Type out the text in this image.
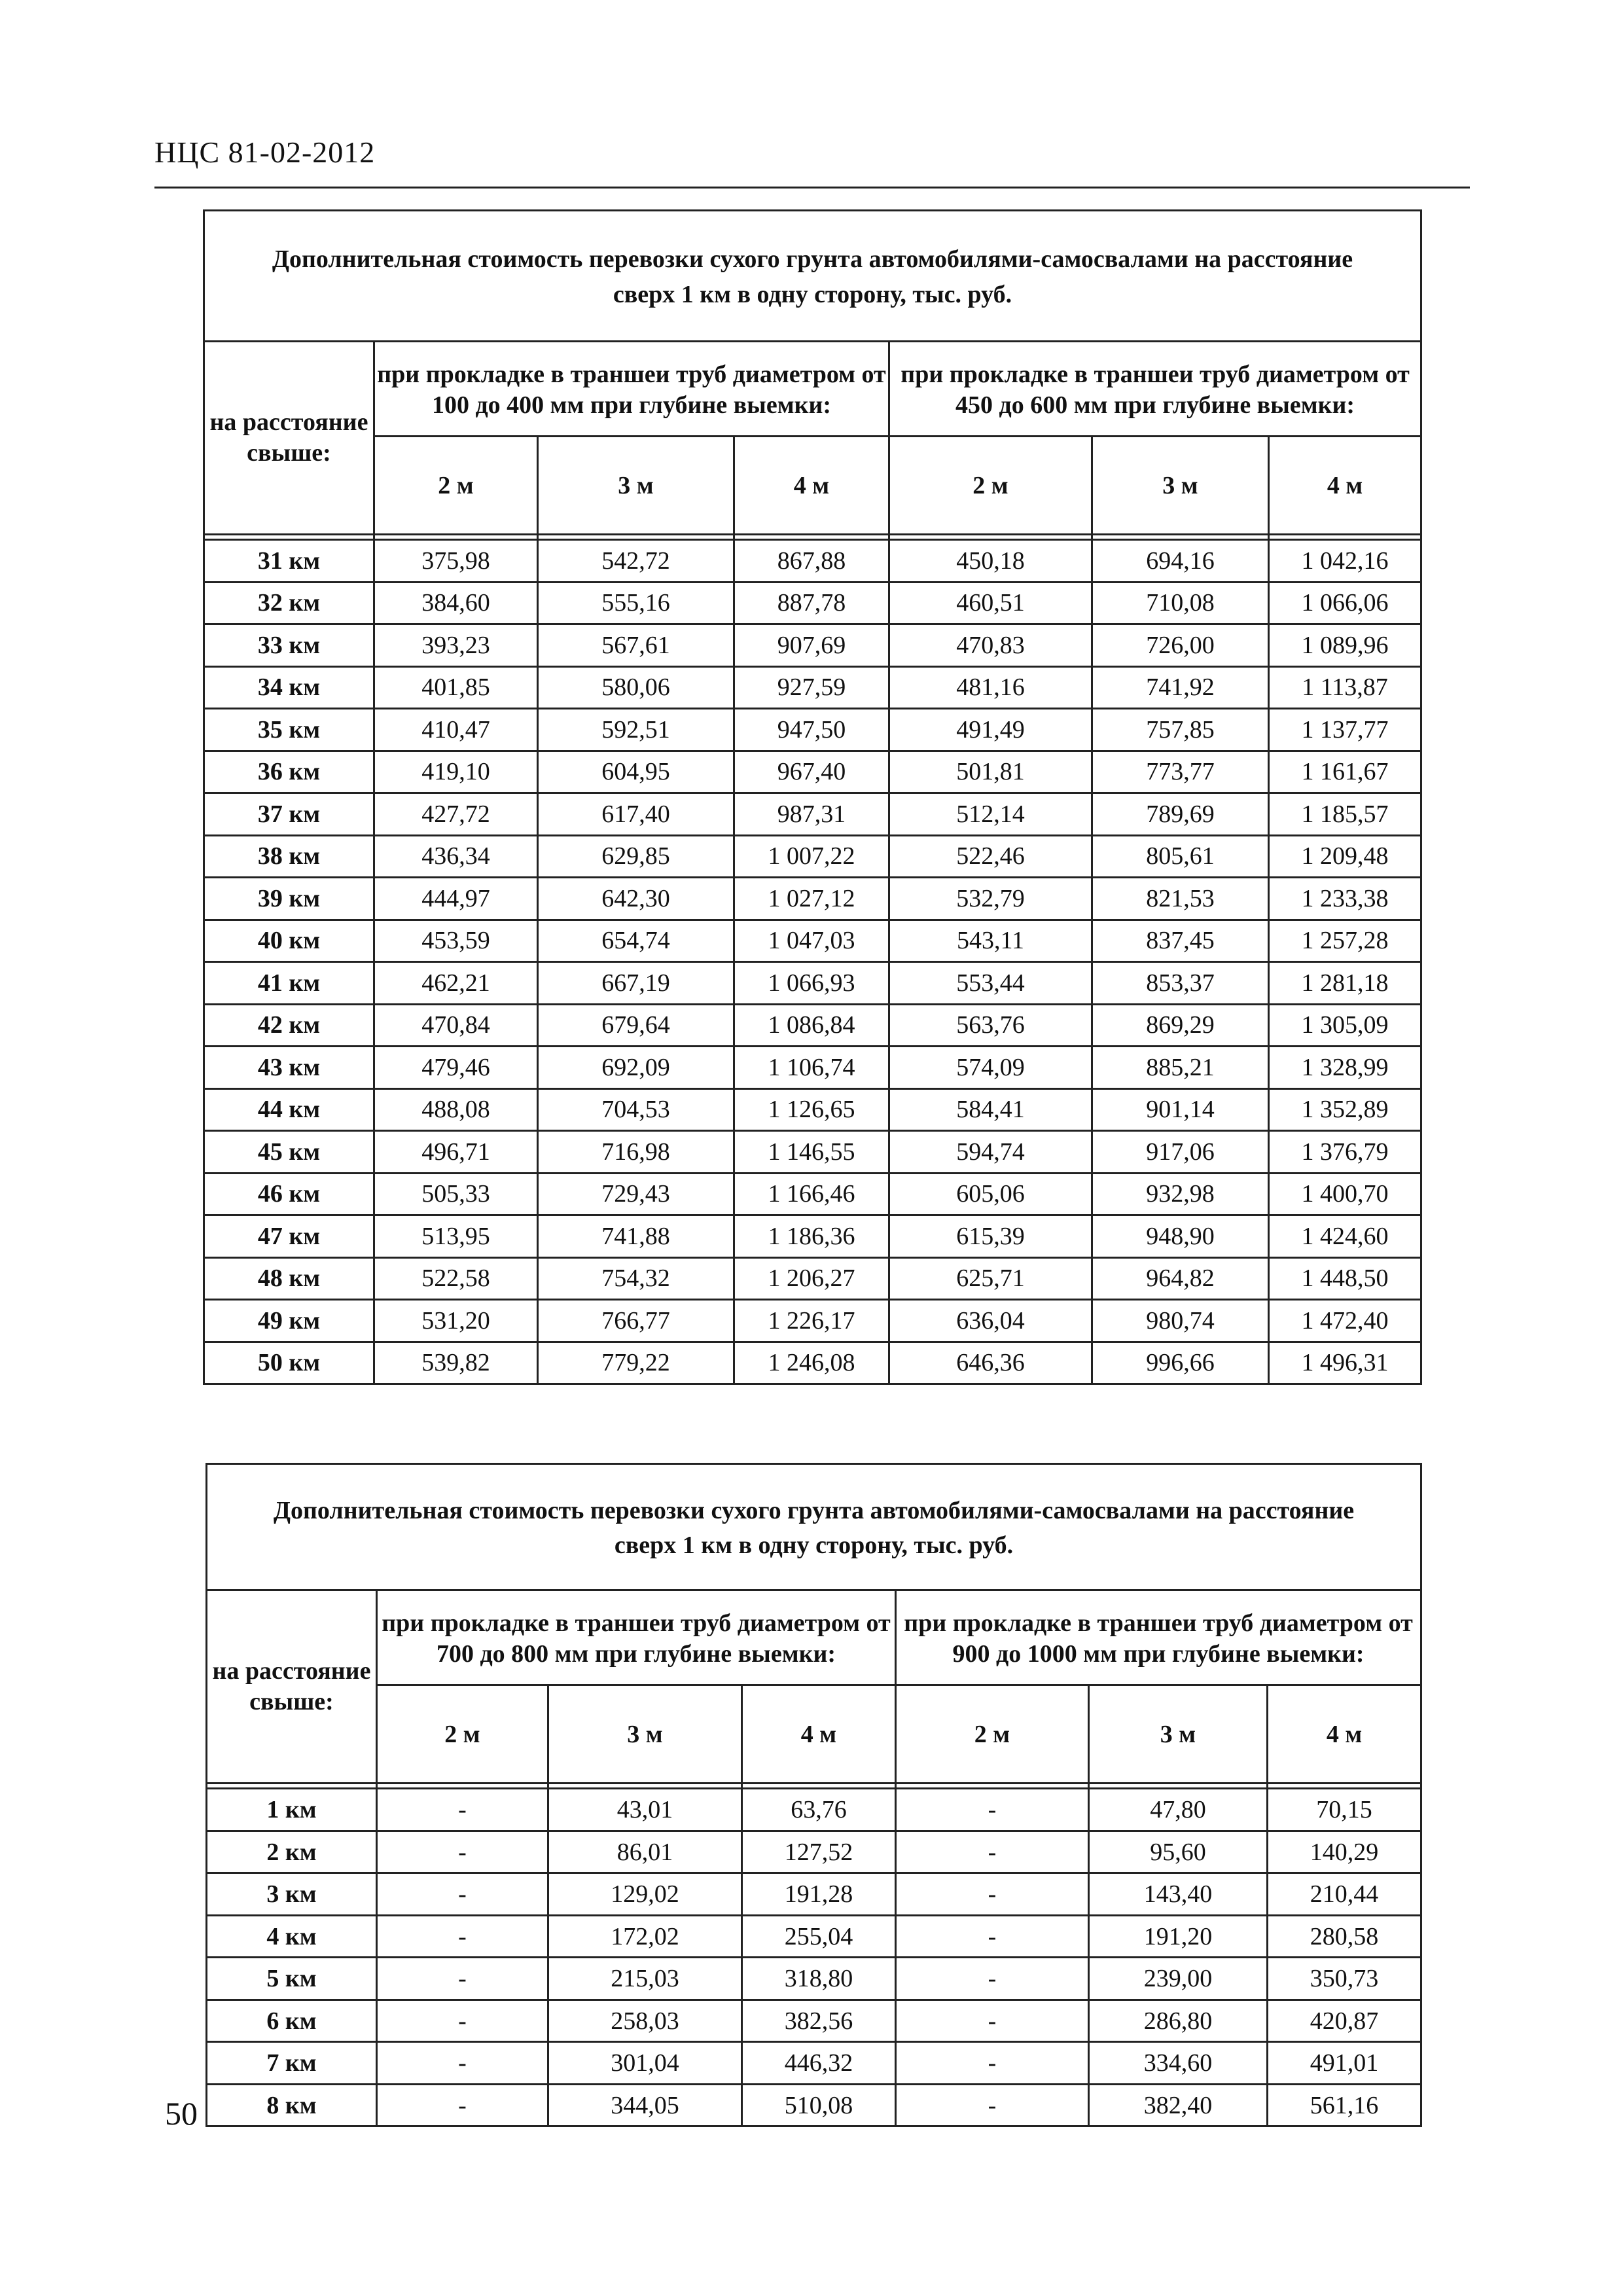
НЦС 81-02-2012
Дополнительная стоимость перевозки сухого грунта автомобилями-самосвалами на расстояние сверх 1 км в одну сторону, тыс. руб.						
на расстояние свыше:	при прокладке в траншеи труб диаметром от 100 до 400 мм при глубине выемки:			при прокладке в траншеи труб диаметром от 450 до 600 мм при глубине выемки:		
	2 м	3 м	4 м	2 м	3 м	4 м

31 км	375,98	542,72	867,88	450,18	694,16	1 042,16
32 км	384,60	555,16	887,78	460,51	710,08	1 066,06
33 км	393,23	567,61	907,69	470,83	726,00	1 089,96
34 км	401,85	580,06	927,59	481,16	741,92	1 113,87
35 км	410,47	592,51	947,50	491,49	757,85	1 137,77
36 км	419,10	604,95	967,40	501,81	773,77	1 161,67
37 км	427,72	617,40	987,31	512,14	789,69	1 185,57
38 км	436,34	629,85	1 007,22	522,46	805,61	1 209,48
39 км	444,97	642,30	1 027,12	532,79	821,53	1 233,38
40 км	453,59	654,74	1 047,03	543,11	837,45	1 257,28
41 км	462,21	667,19	1 066,93	553,44	853,37	1 281,18
42 км	470,84	679,64	1 086,84	563,76	869,29	1 305,09
43 км	479,46	692,09	1 106,74	574,09	885,21	1 328,99
44 км	488,08	704,53	1 126,65	584,41	901,14	1 352,89
45 км	496,71	716,98	1 146,55	594,74	917,06	1 376,79
46 км	505,33	729,43	1 166,46	605,06	932,98	1 400,70
47 км	513,95	741,88	1 186,36	615,39	948,90	1 424,60
48 км	522,58	754,32	1 206,27	625,71	964,82	1 448,50
49 км	531,20	766,77	1 226,17	636,04	980,74	1 472,40
50 км	539,82	779,22	1 246,08	646,36	996,66	1 496,31
Дополнительная стоимость перевозки сухого грунта автомобилями-самосвалами на расстояние сверх 1 км в одну сторону, тыс. руб.						
на расстояние свыше:	при прокладке в траншеи труб диаметром от 700 до 800 мм при глубине выемки:			при прокладке в траншеи труб диаметром от 900 до 1000 мм при глубине выемки:		
	2 м	3 м	4 м	2 м	3 м	4 м

1 км	-	43,01	63,76	-	47,80	70,15
2 км	-	86,01	127,52	-	95,60	140,29
3 км	-	129,02	191,28	-	143,40	210,44
4 км	-	172,02	255,04	-	191,20	280,58
5 км	-	215,03	318,80	-	239,00	350,73
6 км	-	258,03	382,56	-	286,80	420,87
7 км	-	301,04	446,32	-	334,60	491,01
8 км	-	344,05	510,08	-	382,40	561,16
50
